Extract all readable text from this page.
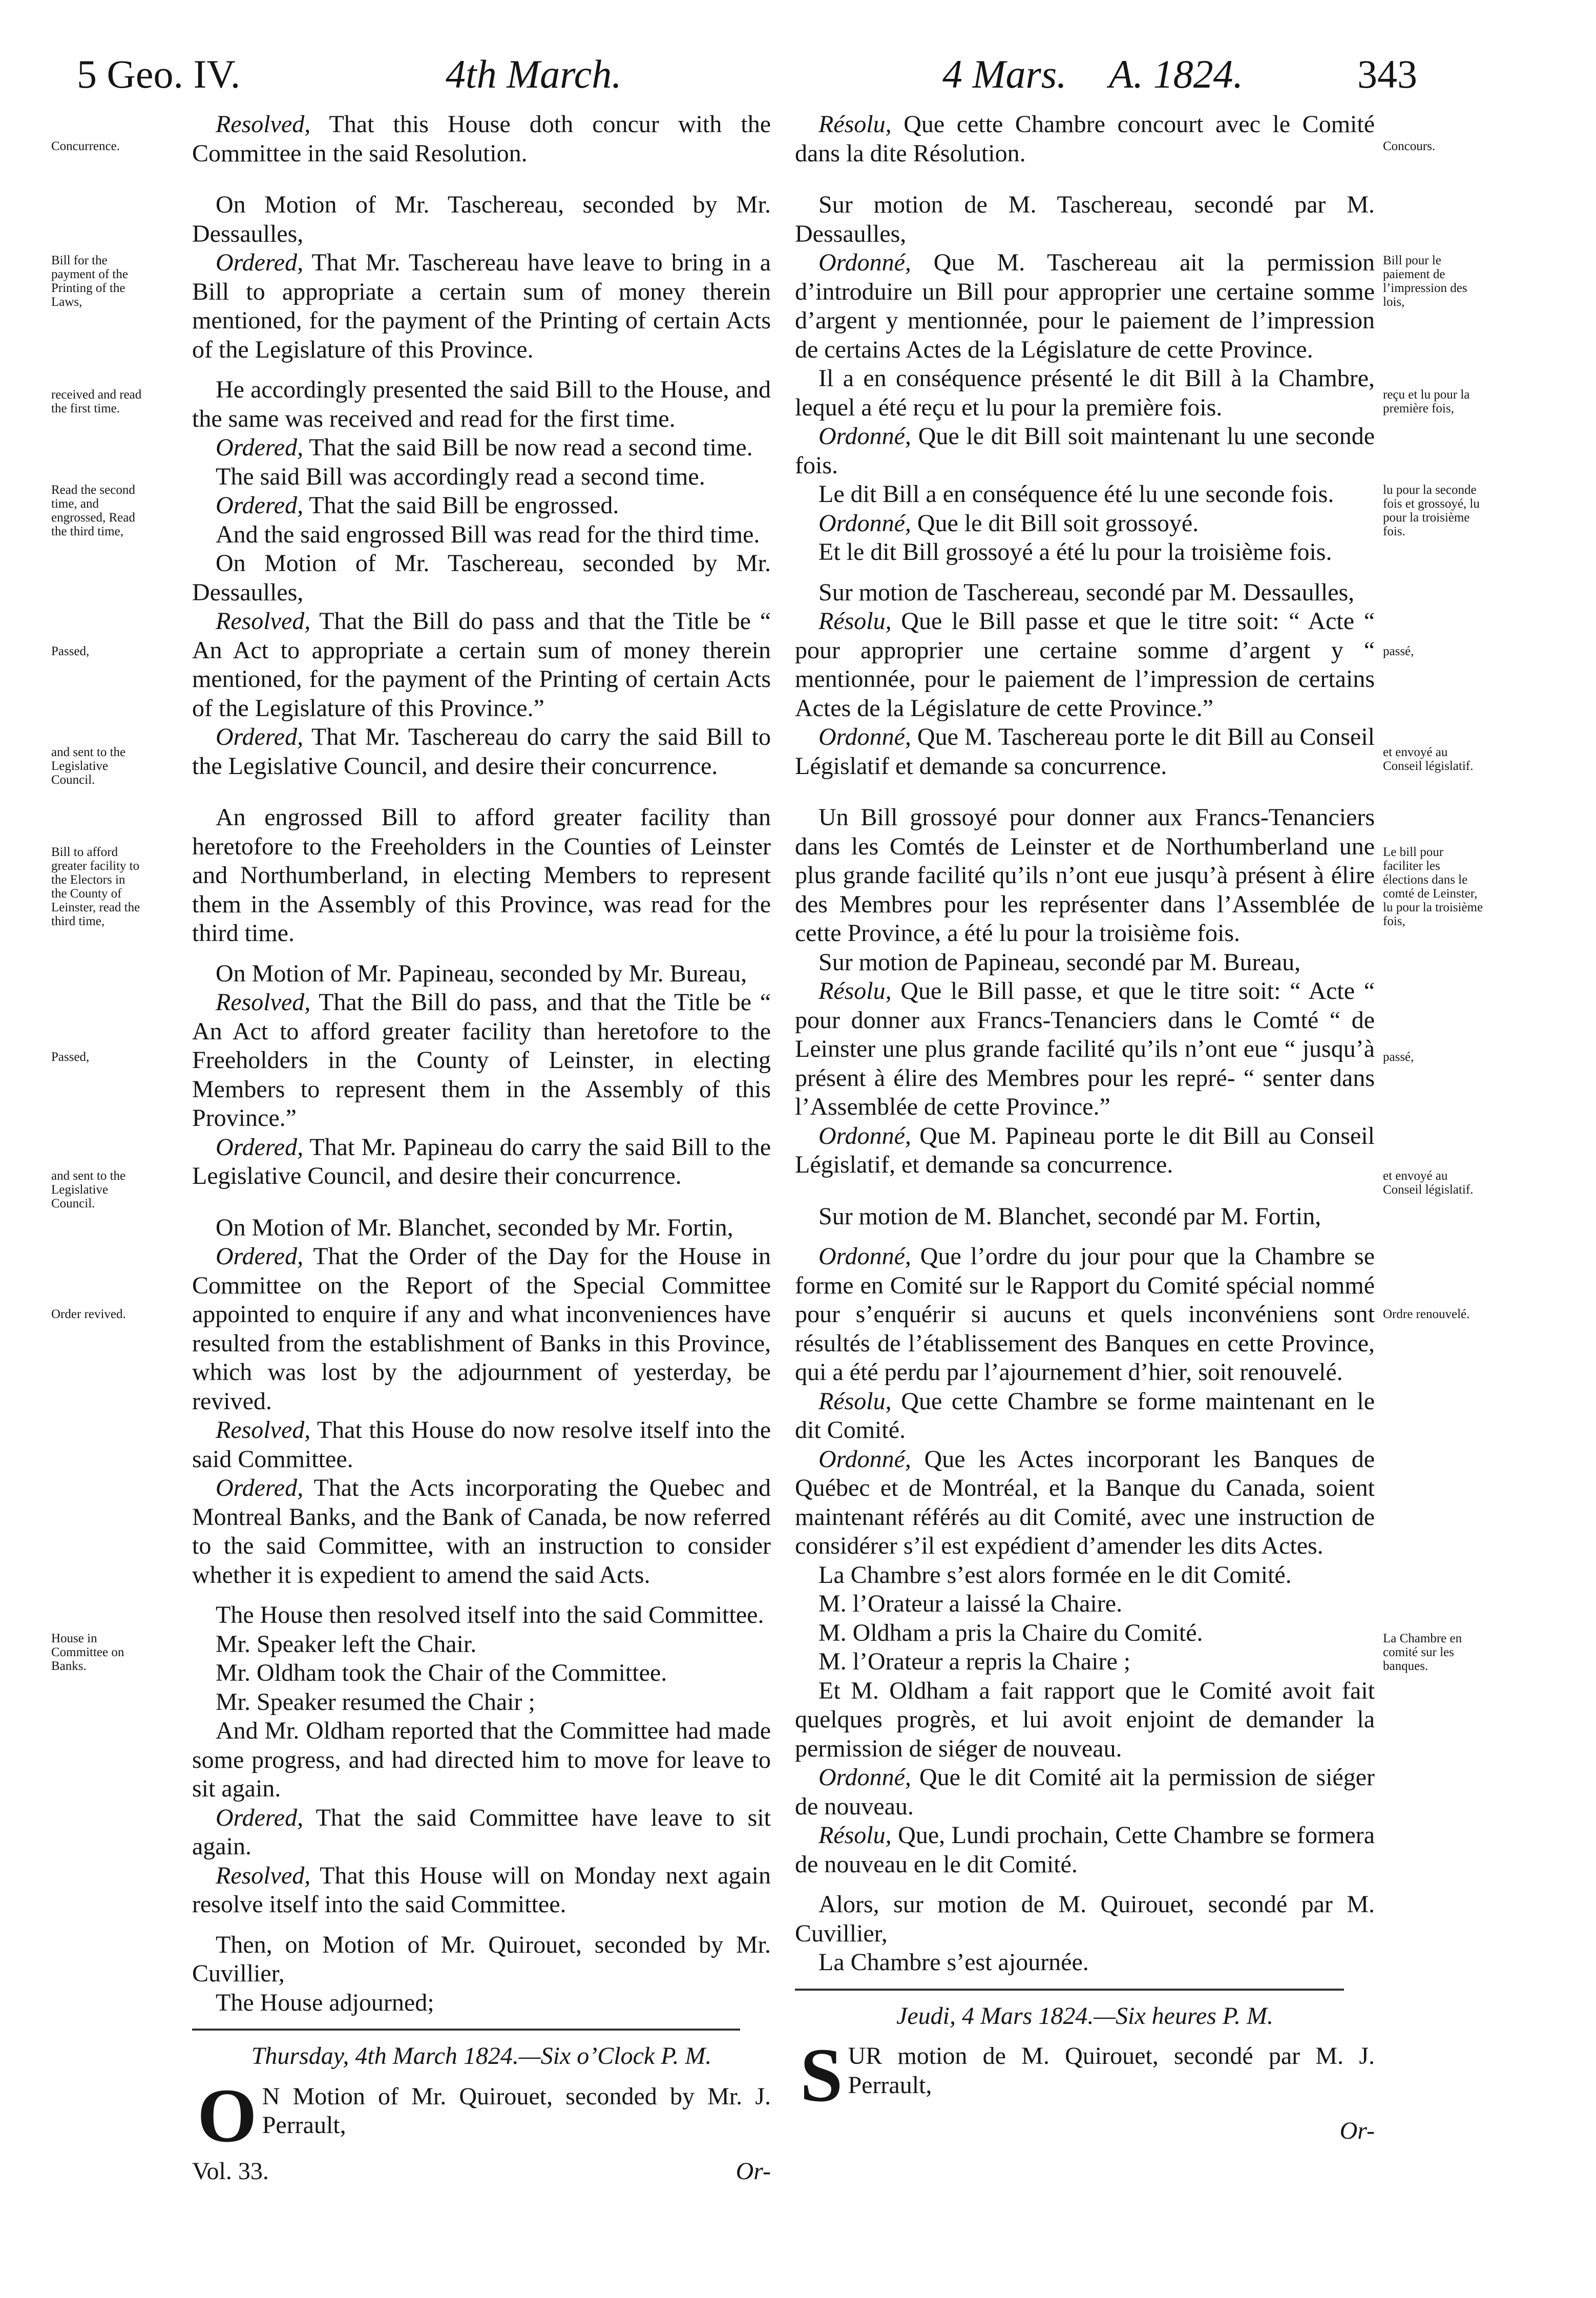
5 Geo. IV.	4th March.	4 Mars. A. 1824.	343
Concurrence.
Bill for the payment of the Printing of the Laws,
received and read the first time.
Read the second time, and engrossed, Read the third time,
Passed,
and sent to the Legislative Council.
Bill to afford greater facility to the Electors in the County of Leinster, read the third time,
Passed,
and sent to the Legislative Council.
Order revived.
House in Committee on Banks.

Resolved, That this House doth concur with the Committee in the said Resolution.

On Motion of Mr. Taschereau, seconded by Mr. Dessaulles,

Ordered, That Mr. Taschereau have leave to bring in a Bill to appropriate a certain sum of money therein mentioned, for the payment of the Printing of certain Acts of the Legislature of this Province.

He accordingly presented the said Bill to the House, and the same was received and read for the first time.

Ordered, That the said Bill be now read a second time.

The said Bill was accordingly read a second time.

Ordered, That the said Bill be engrossed.

And the said engrossed Bill was read for the third time.

On Motion of Mr. Taschereau, seconded by Mr. Dessaulles,

Resolved, That the Bill do pass and that the Title be “ An Act to appropriate a certain sum of money therein mentioned, for the payment of the Printing of certain Acts of the Legislature of this Province.”

Ordered, That Mr. Taschereau do carry the said Bill to the Legislative Council, and desire their concurrence.

An engrossed Bill to afford greater facility than heretofore to the Freeholders in the Counties of Leinster and Northumberland, in electing Members to represent them in the Assembly of this Province, was read for the third time.

On Motion of Mr. Papineau, seconded by Mr. Bureau,

Resolved, That the Bill do pass, and that the Title be “ An Act to afford greater facility than heretofore to the Freeholders in the County of Leinster, in electing Members to represent them in the Assembly of this Province.”

Ordered, That Mr. Papineau do carry the said Bill to the Legislative Council, and desire their concurrence.

On Motion of Mr. Blanchet, seconded by Mr. Fortin,

Ordered, That the Order of the Day for the House in Committee on the Report of the Special Committee appointed to enquire if any and what inconveniences have resulted from the establishment of Banks in this Province, which was lost by the adjournment of yesterday, be revived.

Resolved, That this House do now resolve itself into the said Committee.

Ordered, That the Acts incorporating the Quebec and Montreal Banks, and the Bank of Canada, be now referred to the said Committee, with an instruction to consider whether it is expedient to amend the said Acts.

The House then resolved itself into the said Committee.

Mr. Speaker left the Chair.

Mr. Oldham took the Chair of the Committee.

Mr. Speaker resumed the Chair ;

And Mr. Oldham reported that the Committee had made some progress, and had directed him to move for leave to sit again.

Ordered, That the said Committee have leave to sit again.

Resolved, That this House will on Monday next again resolve itself into the said Committee.

Then, on Motion of Mr. Quirouet, seconded by Mr. Cuvillier,

The House adjourned;

Thursday, 4th March 1824.—Six o’Clock P. M.

O N Motion of Mr. Quirouet, seconded by Mr. J. Perrault,

Vol. 33.	Or-

Résolu, Que cette Chambre concourt avec le Comité dans la dite Résolution.

Sur motion de M. Taschereau, secondé par M. Dessaulles,

Ordonné, Que M. Taschereau ait la permission d’introduire un Bill pour approprier une certaine somme d’argent y mentionnée, pour le paiement de l’impression de certains Actes de la Législature de cette Province.

Il a en conséquence présenté le dit Bill à la Chambre, lequel a été reçu et lu pour la première fois.

Ordonné, Que le dit Bill soit maintenant lu une seconde fois.

Le dit Bill a en conséquence été lu une seconde fois.

Ordonné, Que le dit Bill soit grossoyé.

Et le dit Bill grossoyé a été lu pour la troisième fois.

Sur motion de Taschereau, secondé par M. Dessaulles,

Résolu, Que le Bill passe et que le titre soit: “ Acte “ pour approprier une certaine somme d’argent y “ mentionnée, pour le paiement de l’impression de certains Actes de la Législature de cette Province.”

Ordonné, Que M. Taschereau porte le dit Bill au Conseil Législatif et demande sa concurrence.

Un Bill grossoyé pour donner aux Francs-Tenanciers dans les Comtés de Leinster et de Northumberland une plus grande facilité qu’ils n’ont eue jusqu’à présent à élire des Membres pour les représenter dans l’Assemblée de cette Province, a été lu pour la troisième fois.

Sur motion de Papineau, secondé par M. Bureau,

Résolu, Que le Bill passe, et que le titre soit: “ Acte “ pour donner aux Francs-Tenanciers dans le Comté “ de Leinster une plus grande facilité qu’ils n’ont eue “ jusqu’à présent à élire des Membres pour les repré- “ senter dans l’Assemblée de cette Province.”

Ordonné, Que M. Papineau porte le dit Bill au Conseil Législatif, et demande sa concurrence.

Sur motion de M. Blanchet, secondé par M. Fortin,

Ordonné, Que l’ordre du jour pour que la Chambre se forme en Comité sur le Rapport du Comité spécial nommé pour s’enquérir si aucuns et quels inconvéniens sont résultés de l’établissement des Banques en cette Province, qui a été perdu par l’ajournement d’hier, soit renouvelé.

Résolu, Que cette Chambre se forme maintenant en le dit Comité.

Ordonné, Que les Actes incorporant les Banques de Québec et de Montréal, et la Banque du Canada, soient maintenant référés au dit Comité, avec une instruction de considérer s’il est expédient d’amender les dits Actes.

La Chambre s’est alors formée en le dit Comité.

M. l’Orateur a laissé la Chaire.

M. Oldham a pris la Chaire du Comité.

M. l’Orateur a repris la Chaire ;

Et M. Oldham a fait rapport que le Comité avoit fait quelques progrès, et lui avoit enjoint de demander la permission de siéger de nouveau.

Ordonné, Que le dit Comité ait la permission de siéger de nouveau.

Résolu, Que, Lundi prochain, Cette Chambre se formera de nouveau en le dit Comité.

Alors, sur motion de M. Quirouet, secondé par M. Cuvillier,

La Chambre s’est ajournée.

Jeudi, 4 Mars 1824.—Six heures P. M.

SUR motion de M. Quirouet, secondé par M. J. Perrault,

Or-

Concours.
Bill pour le paiement de l’impression des lois,
reçu et lu pour la première fois,
lu pour la seconde fois et grossoyé, lu pour la troisième fois.
passé,
et envoyé au Conseil législatif.
Le bill pour faciliter les élections dans le comté de Leinster, lu pour la troisième fois,
passé,
et envoyé au Conseil législatif.
Ordre renouvelé.
La Chambre en comité sur les banques.
